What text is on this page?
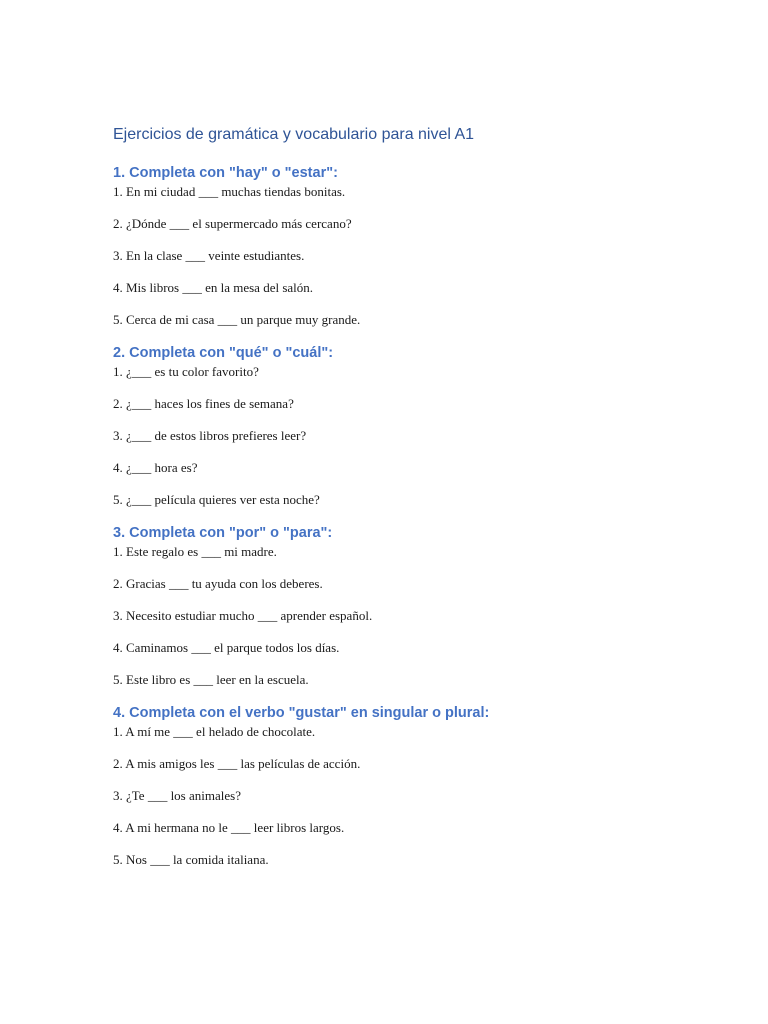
Ejercicios de gramática y vocabulario para nivel A1
1. Completa con "hay" o "estar":
1. En mi ciudad ___ muchas tiendas bonitas.
2. ¿Dónde ___ el supermercado más cercano?
3. En la clase ___ veinte estudiantes.
4. Mis libros ___ en la mesa del salón.
5. Cerca de mi casa ___ un parque muy grande.
2. Completa con "qué" o "cuál":
1. ¿___ es tu color favorito?
2. ¿___ haces los fines de semana?
3. ¿___ de estos libros prefieres leer?
4. ¿___ hora es?
5. ¿___ película quieres ver esta noche?
3. Completa con "por" o "para":
1. Este regalo es ___ mi madre.
2. Gracias ___ tu ayuda con los deberes.
3. Necesito estudiar mucho ___ aprender español.
4. Caminamos ___ el parque todos los días.
5. Este libro es ___ leer en la escuela.
4. Completa con el verbo "gustar" en singular o plural:
1. A mí me ___ el helado de chocolate.
2. A mis amigos les ___ las películas de acción.
3. ¿Te ___ los animales?
4. A mi hermana no le ___ leer libros largos.
5. Nos ___ la comida italiana.
